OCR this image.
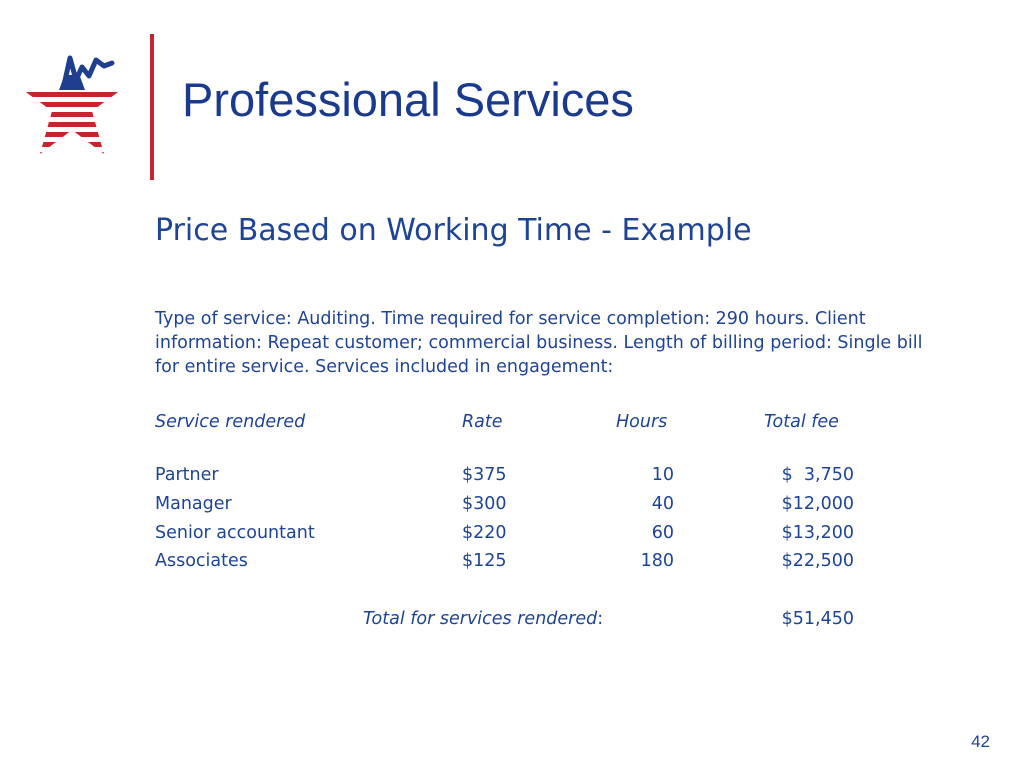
Professional Services
Price Based on Working Time - Example
Type of service: Auditing. Time required for service completion: 290 hours. Client information: Repeat customer; commercial business. Length of billing period: Single bill for entire service. Services included in engagement:
Service rendered	Rate	Hours	Total fee
Partner	$375	10	$  3,750
Manager	$300	40	$12,000
Senior accountant	$220	60	$13,200
Associates	$125	180	$22,500
Total for services rendered:	$51,450
42
